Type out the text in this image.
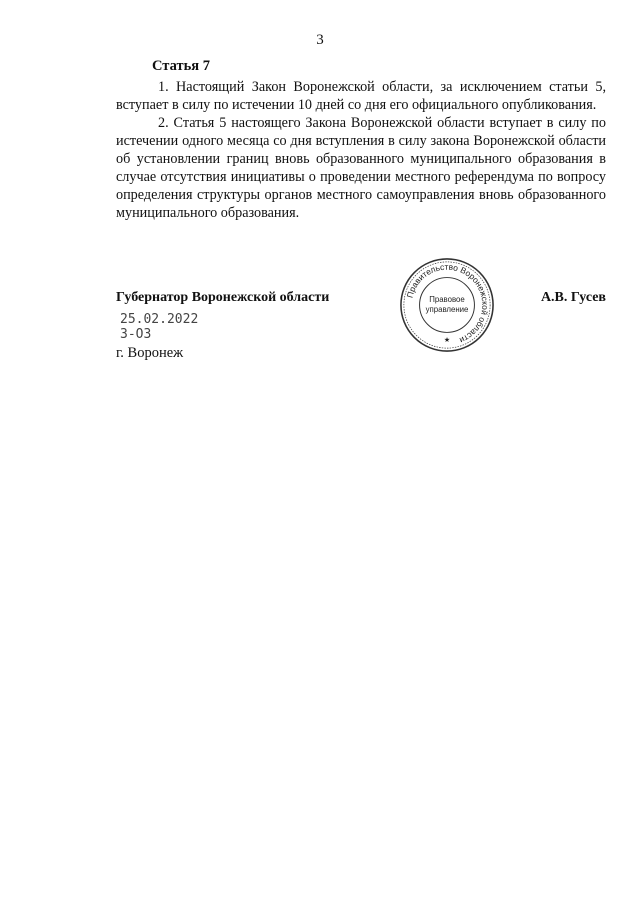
3
Статья 7

1. Настоящий Закон Воронежской области, за исключением статьи 5, вступает в силу по истечении 10 дней со дня его официального опубликования.

2. Статья 5 настоящего Закона Воронежской области вступает в силу по истечении одного месяца со дня вступления в силу закона Воронежской области об установлении границ вновь образованного муниципального образования в случае отсутствия инициативы о проведении местного референдума по вопросу определения структуры органов местного самоуправления вновь образованного муниципального образования.

Губернатор Воронежской области	А.В. Гусев
25.02.2022
3-ОЗ
г. Воронеж
Правительство Воронежской области
Правовое
управление
★
